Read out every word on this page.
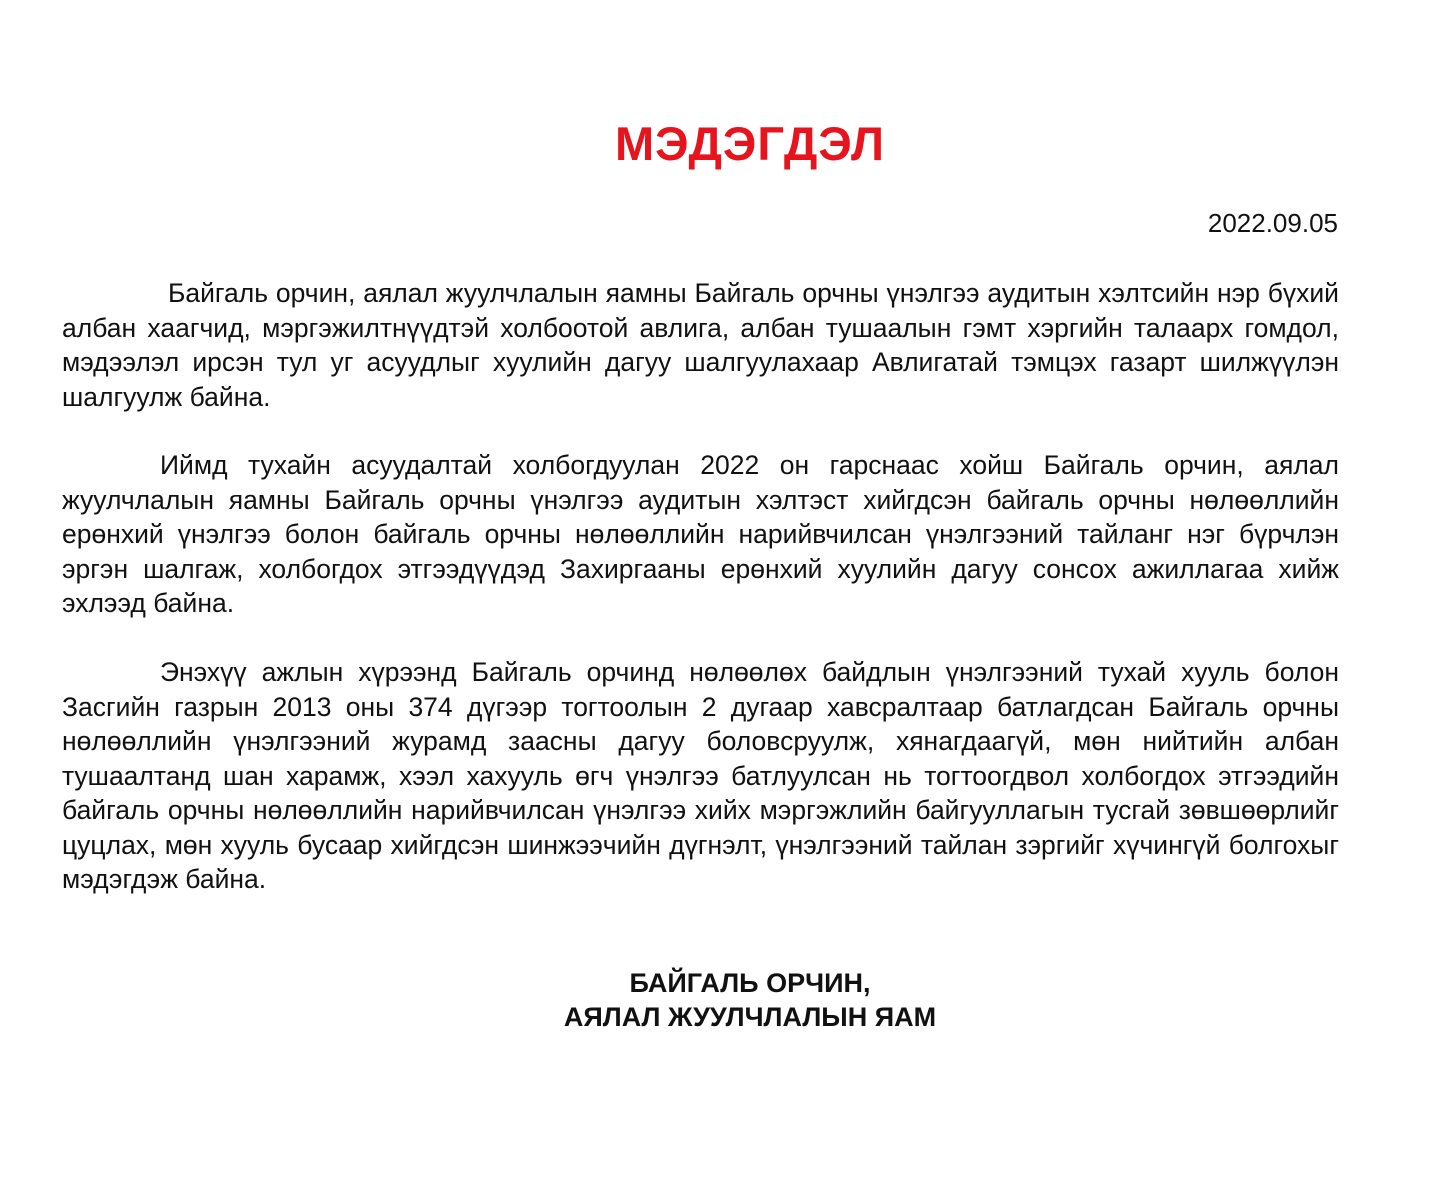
МЭДЭГДЭЛ

2022.09.05

Байгаль орчин, аялал жуулчлалын яамны Байгаль орчны үнэлгээ аудитын хэлтсийн нэр бүхий албан хаагчид, мэргэжилтнүүдтэй холбоотой авлига, албан тушаалын гэмт хэргийн талаарх гомдол, мэдээлэл ирсэн тул уг асуудлыг хуулийн дагуу шалгуулахаар Авлигатай тэмцэх газарт шилжүүлэн шалгуулж байна.

Иймд тухайн асуудалтай холбогдуулан 2022 он гарснаас хойш Байгаль орчин, аялал жуулчлалын яамны Байгаль орчны үнэлгээ аудитын хэлтэст хийгдсэн байгаль орчны нөлөөллийн ерөнхий үнэлгээ болон байгаль орчны нөлөөллийн нарийвчилсан үнэлгээний тайланг нэг бүрчлэн эргэн шалгаж, холбогдох этгээдүүдэд Захиргааны ерөнхий хуулийн дагуу сонсох ажиллагаа хийж эхлээд байна.

Энэхүү ажлын хүрээнд Байгаль орчинд нөлөөлөх байдлын үнэлгээний тухай хууль болон Засгийн газрын 2013 оны 374 дүгээр тогтоолын 2 дугаар хавсралтаар батлагдсан Байгаль орчны нөлөөллийн үнэлгээний журамд заасны дагуу боловсруулж, хянагдаагүй, мөн нийтийн албан тушаалтанд шан харамж, хээл хахууль өгч үнэлгээ батлуулсан нь тогтоогдвол холбогдох этгээдийн байгаль орчны нөлөөллийн нарийвчилсан үнэлгээ хийх мэргэжлийн байгууллагын тусгай зөвшөөрлийг цуцлах, мөн хууль бусаар хийгдсэн шинжээчийн дүгнэлт, үнэлгээний тайлан зэргийг хүчингүй болгохыг мэдэгдэж байна.

БАЙГАЛЬ ОРЧИН,
АЯЛАЛ ЖУУЛЧЛАЛЫН ЯАМ
